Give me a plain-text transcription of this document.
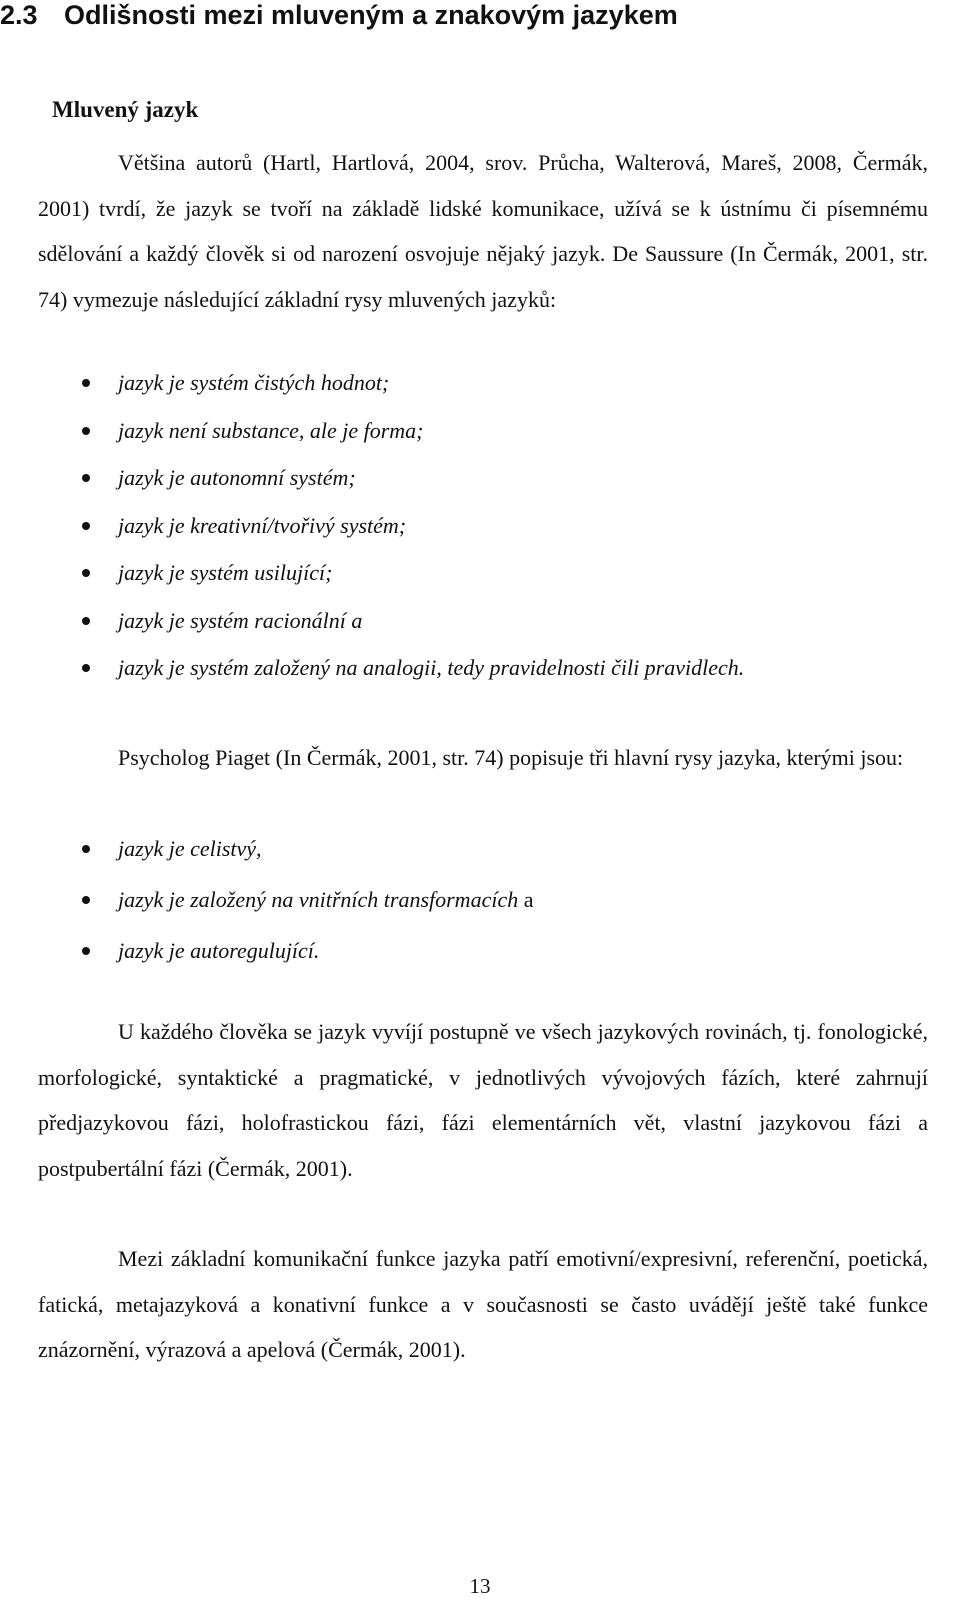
2.3 Odlišnosti mezi mluveným a znakovým jazykem
Mluvený jazyk

Většina autorů (Hartl, Hartlová, 2004, srov. Průcha, Walterová, Mareš, 2008, Čermák, 2001) tvrdí, že jazyk se tvoří na základě lidské komunikace, užívá se k ústnímu či písemnému sdělování a každý člověk si od narození osvojuje nějaký jazyk. De Saussure (In Čermák, 2001, str. 74) vymezuje následující základní rysy mluvených jazyků:

jazyk je systém čistých hodnot;
jazyk není substance, ale je forma;
jazyk je autonomní systém;
jazyk je kreativní/tvořivý systém;
jazyk je systém usilující;
jazyk je systém racionální a
jazyk je systém založený na analogii, tedy pravidelnosti čili pravidlech.

Psycholog Piaget (In Čermák, 2001, str. 74) popisuje tři hlavní rysy jazyka, kterými jsou:

jazyk je celistvý,
jazyk je založený na vnitřních transformacích a
jazyk je autoregulující.

U každého člověka se jazyk vyvíjí postupně ve všech jazykových rovinách, tj. fonologické, morfologické, syntaktické a pragmatické, v jednotlivých vývojových fázích, které zahrnují předjazykovou fázi, holofrastickou fázi, fázi elementárních vět, vlastní jazykovou fázi a postpubertální fázi (Čermák, 2001).

Mezi základní komunikační funkce jazyka patří emotivní/expresivní, referenční, poetická, fatická, metajazyková a konativní funkce a v současnosti se často uvádějí ještě také funkce znázornění, výrazová a apelová (Čermák, 2001).

13
